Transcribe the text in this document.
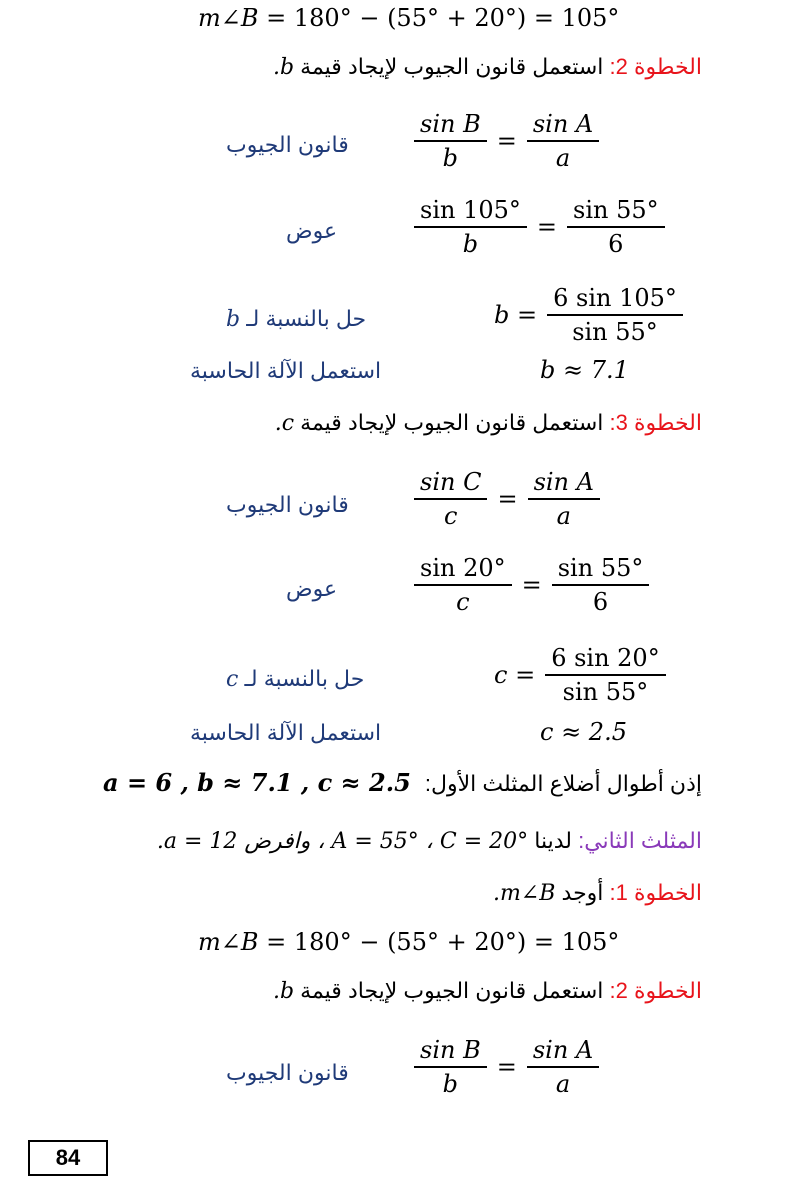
m∠B = 180° − (55° + 20°) = 105°
الخطوة 2: استعمل قانون الجيوب لإيجاد قيمة b.
$\frac{\text{sin B}}{b} = \frac{\text{sin A}}{a}$
قانون الجيوب
$\frac{\sin 105^\circ}{b} = \frac{\sin 55^\circ}{6}$
عوض
$b = \frac{6 \sin 105^\circ}{\sin 55^\circ}$
حل بالنسبة لـ b
b ≈ 7.1
استعمل الآلة الحاسبة
الخطوة 3: استعمل قانون الجيوب لإيجاد قيمة c.
$\frac{\text{sin C}}{c} = \frac{\text{sin A}}{a}$
قانون الجيوب
$\frac{\sin 20^\circ}{c} = \frac{\sin 55^\circ}{6}$
عوض
$c = \frac{6 \sin 20^\circ}{\sin 55^\circ}$
حل بالنسبة لـ c
c ≈ 2.5
استعمل الآلة الحاسبة
إذن أطوال أضلاع المثلث الأول: a = 6 , b ≈ 7.1 , c ≈ 2.5
المثلث الثاني: لدينا A = 55° ، C = 20° ، وافرض a = 12.
الخطوة 1: أوجد m∠B.
m∠B = 180° − (55° + 20°) = 105°
الخطوة 2: استعمل قانون الجيوب لإيجاد قيمة b.
$\frac{\text{sin B}}{b} = \frac{\text{sin A}}{a}$
قانون الجيوب
84
